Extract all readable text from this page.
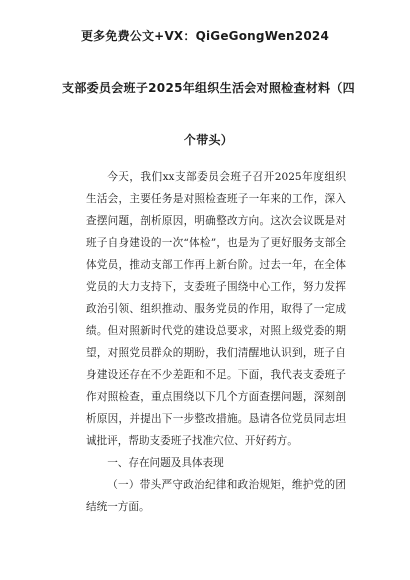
更多免费公文+VX：QiGeGongWen2024
支部委员会班子2025年组织生活会对照检查材料（四个带头）

今天，我们xx支部委员会班子召开2025年度组织生活会，主要任务是对照检查班子一年来的工作，深入查摆问题，剖析原因，明确整改方向。这次会议既是对班子自身建设的一次“体检”，也是为了更好服务支部全体党员，推动支部工作再上新台阶。过去一年，在全体党员的大力支持下，支委班子围绕中心工作，努力发挥政治引领、组织推动、服务党员的作用，取得了一定成绩。但对照新时代党的建设总要求，对照上级党委的期望，对照党员群众的期盼，我们清醒地认识到，班子自身建设还存在不少差距和不足。下面，我代表支委班子作对照检查，重点围绕以下几个方面查摆问题，深刻剖析原因，并提出下一步整改措施。恳请各位党员同志坦诚批评，帮助支委班子找准穴位、开好药方。

一、存在问题及具体表现

（一）带头严守政治纪律和政治规矩，维护党的团结统一方面。
